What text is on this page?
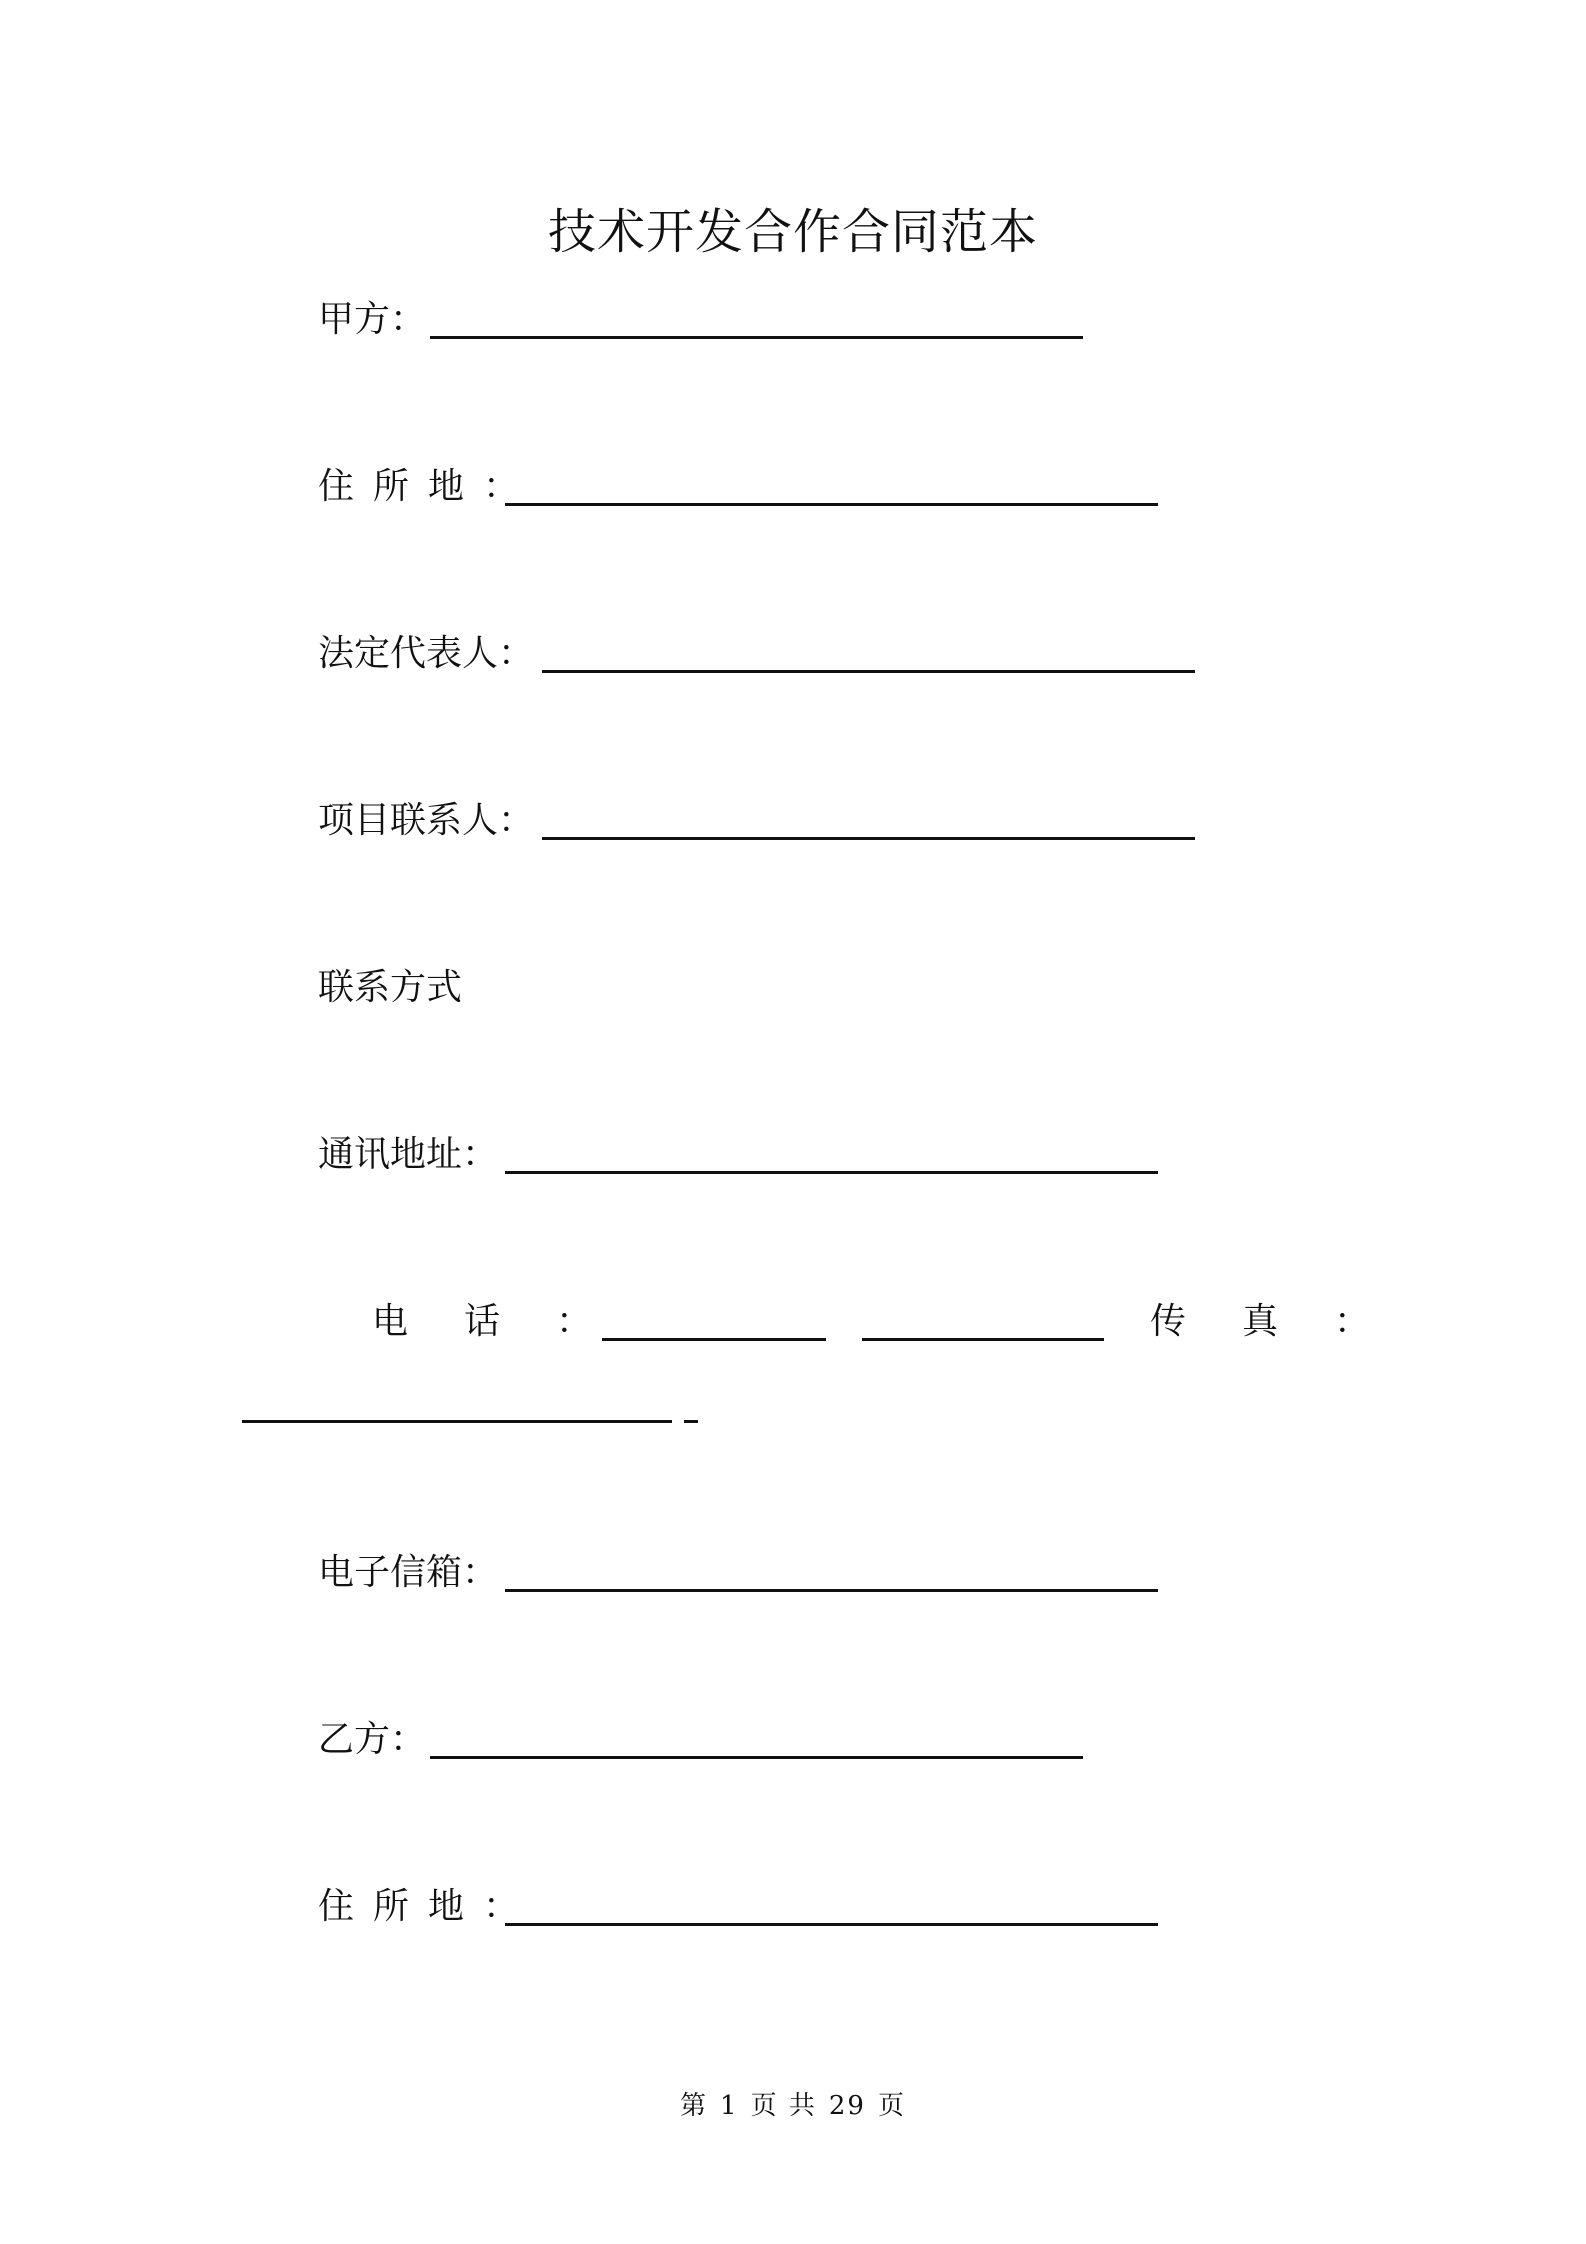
技术开发合作合同范本
甲方：
住所地：
法定代表人：
项目联系人：
联系方式
通讯地址：
电　话　：	传　真　：
电子信箱：
乙方：
住所地：
第 1 页 共 29 页
